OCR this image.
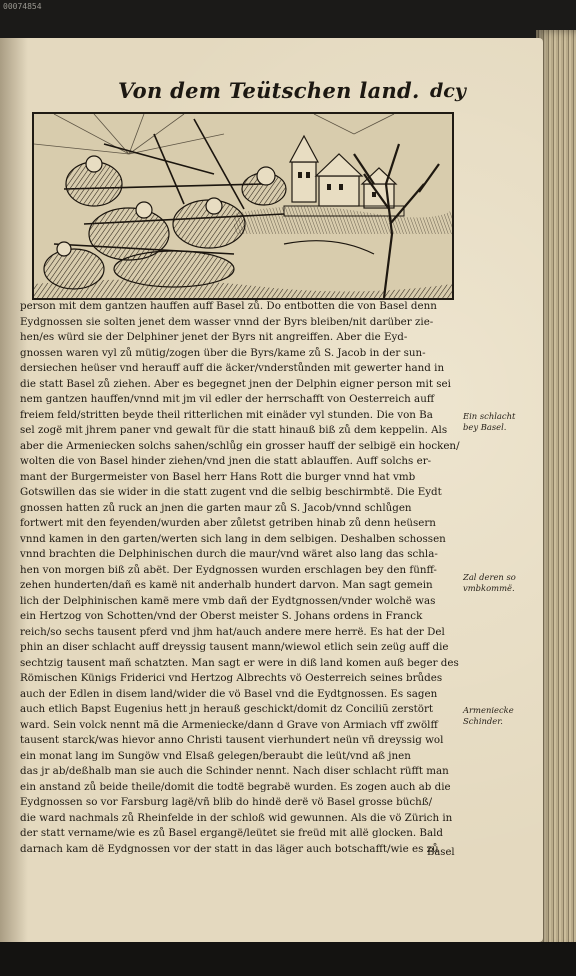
00074854
Von dem Teütschen land. dcy
person mit dem gantzen hauffen auff Basel zů. Do entbotten die von Basel denn
Eydgnossen sie solten jenet dem wasser vnnd der Byrs bleiben/nit darüber zie-
hen/es würd sie der Delphiner jenet der Byrs nit angreiffen. Aber die Eyd-
gnossen waren vyl zů mütig/zogen über die Byrs/kame zů S. Jacob in der sun-
dersiechen heüser vnd herauff auff die äcker/vnderstůnden mit gewerter hand in
die statt Basel zů ziehen. Aber es begegnet jnen der Delphin eigner person mit sei
nem gantzen hauffen/vnnd mit jm vil edler der herrschafft von Oesterreich auff
freiem feld/stritten beyde theil ritterlichen mit einäder vyl stunden. Die von Ba
sel zogë mit jhrem paner vnd gewalt für die statt hinauß biß zů dem keppelin. Als
aber die Armeniecken solchs sahen/schlůg ein grosser hauff der selbigë ein hocken/
wolten die von Basel hinder ziehen/vnd jnen die statt ablauffen. Auff solchs er-
mant der Burgermeister von Basel herr Hans Rott die burger vnnd hat vmb
Gotswillen das sie wider in die statt zugent vnd die selbig beschirmbtë. Die Eydt
gnossen hatten zů ruck an jnen die garten maur zů S. Jacob/vnnd schlůgen
fortwert mit den feyenden/wurden aber zůletst getriben hinab zů denn heüsern
vnnd kamen in den garten/werten sich lang in dem selbigen. Deshalben schossen
vnnd brachten die Delphinischen durch die maur/vnd wäret also lang das schla-
hen von morgen biß zů abët. Der Eydgnossen wurden erschlagen bey den fünff-
zehen hunderten/dañ es kamë nit anderhalb hundert darvon. Man sagt gemein
lich der Delphinischen kamë mere vmb dañ der Eydtgnossen/vnder wolchë was
ein Hertzog von Schotten/vnd der Oberst meister S. Johans ordens in Franck
reich/so sechs tausent pferd vnd jhm hat/auch andere mere herrë. Es hat der Del
phin an diser schlacht auff dreyssig tausent mann/wiewol etlich sein zeüg auff die
sechtzig tausent mañ schatzten. Man sagt er were in diß land komen auß beger des
Römischen Künigs Friderici vnd Hertzog Albrechts vö Oesterreich seines brůdes
auch der Edlen in disem land/wider die vö Basel vnd die Eydtgnossen. Es sagen
auch etlich Bapst Eugenius hett jn herauß geschickt/domit dz Conciliũ zerstört
ward. Sein volck nennt mã die Armeniecke/dann d Grave von Armiach vff zwölff
tausent starck/was hievor anno Christi tausent vierhundert neün vñ dreyssig wol
ein monat lang im Sungöw vnd Elsaß gelegen/beraubt die leüt/vnd aß jnen
das jr ab/deßhalb man sie auch die Schinder nennt. Nach diser schlacht rüfft man
ein anstand zů beide theile/domit die todtë begrabë wurden. Es zogen auch ab die
Eydgnossen so vor Farsburg lagë/vñ blib do hindë derë vö Basel grosse büchß/
die ward nachmals zů Rheinfelde in der schloß wid gewunnen. Als die vö Zürich in
der statt vername/wie es zů Basel ergangë/leütet sie freüd mit allë glocken. Bald
darnach kam dë Eydgnossen vor der statt in das läger auch botschafft/wie es zů
Ein schlacht
bey Basel.
Zal deren so
vmbkommë.
Armeniecke
Schinder.
Basel
